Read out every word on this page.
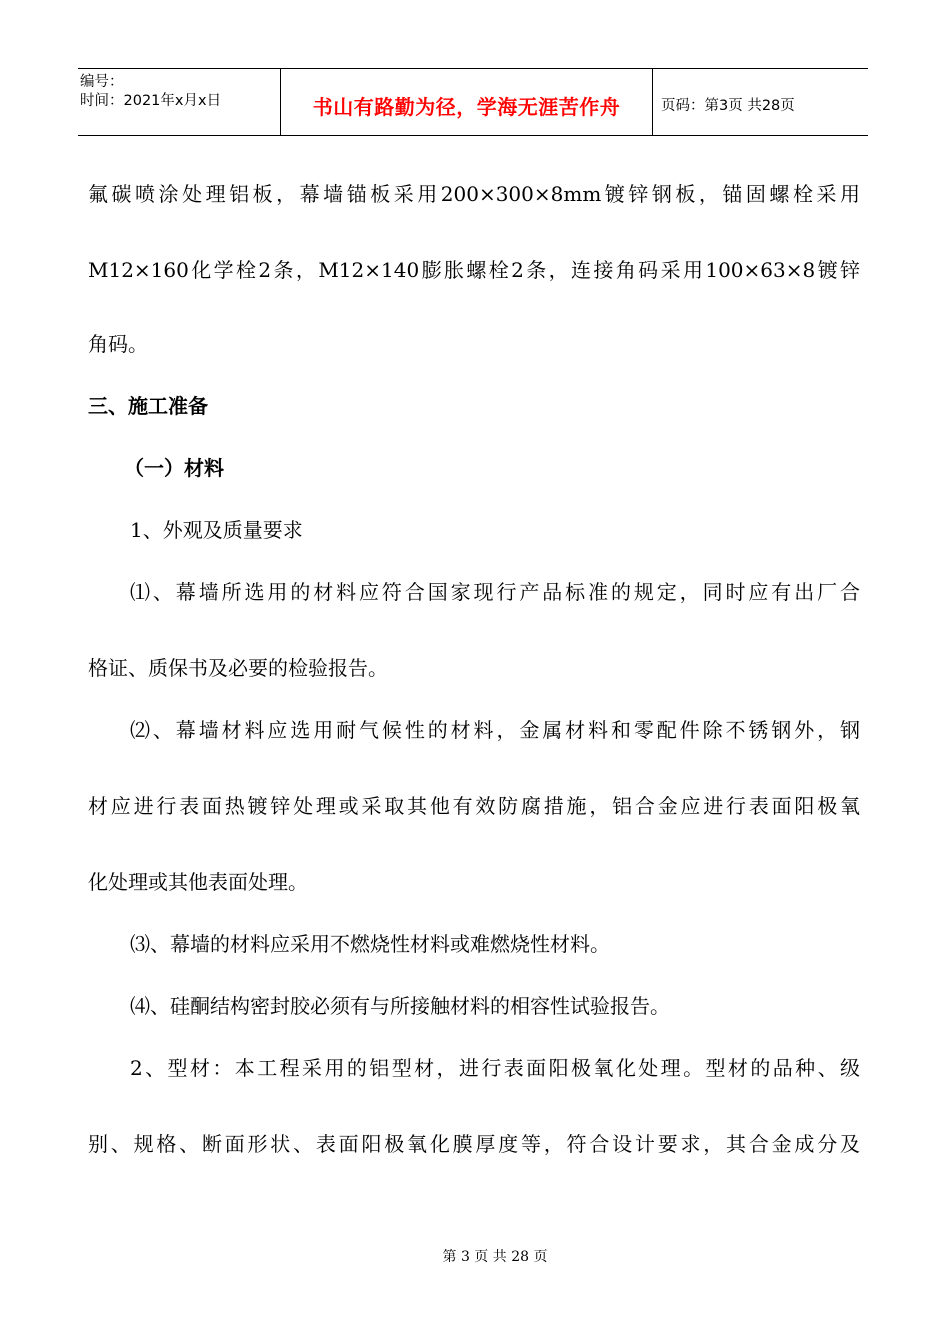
编号：
时间：2021年x月x日	书山有路勤为径，学海无涯苦作舟	页码：第3页 共28页
氟碳喷涂处理铝板，幕墙锚板采用200×300×8mm镀锌钢板，锚固螺栓采用
M12×160化学栓2条，M12×140膨胀螺栓2条，连接角码采用100×63×8镀锌
角码。
三、施工准备
（一）材料
1、外观及质量要求
⑴、幕墙所选用的材料应符合国家现行产品标准的规定，同时应有出厂合
格证、质保书及必要的检验报告。
⑵、幕墙材料应选用耐气候性的材料，金属材料和零配件除不锈钢外，钢
材应进行表面热镀锌处理或采取其他有效防腐措施，铝合金应进行表面阳极氧
化处理或其他表面处理。
⑶、幕墙的材料应采用不燃烧性材料或难燃烧性材料。
⑷、硅酮结构密封胶必须有与所接触材料的相容性试验报告。
2、型材：本工程采用的铝型材，进行表面阳极氧化处理。型材的品种、级
别、规格、断面形状、表面阳极氧化膜厚度等，符合设计要求，其合金成分及
第 3 页 共 28 页
